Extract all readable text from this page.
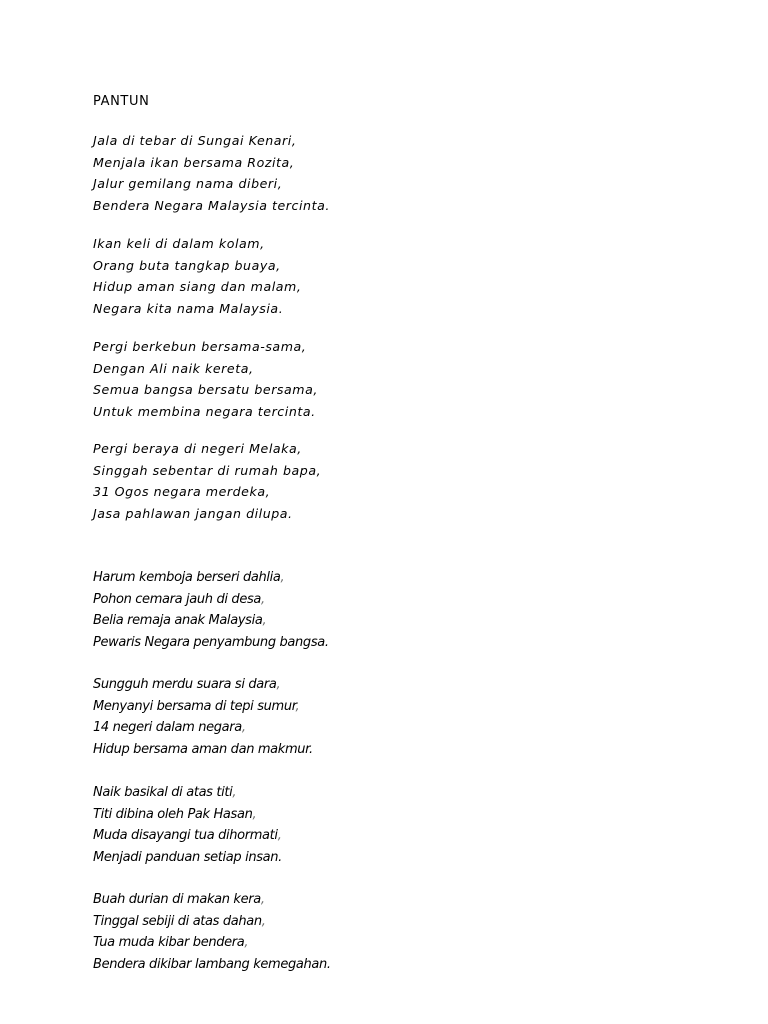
PANTUN
Jala di tebar di Sungai Kenari,
Menjala ikan bersama Rozita,
Jalur gemilang nama diberi,
Bendera Negara Malaysia tercinta.
Ikan keli di dalam kolam,
Orang buta tangkap buaya,
Hidup aman siang dan malam,
Negara kita nama Malaysia.
Pergi berkebun bersama-sama,
Dengan Ali naik kereta,
Semua bangsa bersatu bersama,
Untuk membina negara tercinta.
Pergi beraya di negeri Melaka,
Singgah sebentar di rumah bapa,
31 Ogos negara merdeka,
Jasa pahlawan jangan dilupa.
Harum kemboja berseri dahlia,
Pohon cemara jauh di desa,
Belia remaja anak Malaysia,
Pewaris Negara penyambung bangsa.
Sungguh merdu suara si dara,
Menyanyi bersama di tepi sumur,
14 negeri dalam negara,
Hidup bersama aman dan makmur.
Naik basikal di atas titi,
Titi dibina oleh Pak Hasan,
Muda disayangi tua dihormati,
Menjadi panduan setiap insan.
Buah durian di makan kera,
Tinggal sebiji di atas dahan,
Tua muda kibar bendera,
Bendera dikibar lambang kemegahan.
